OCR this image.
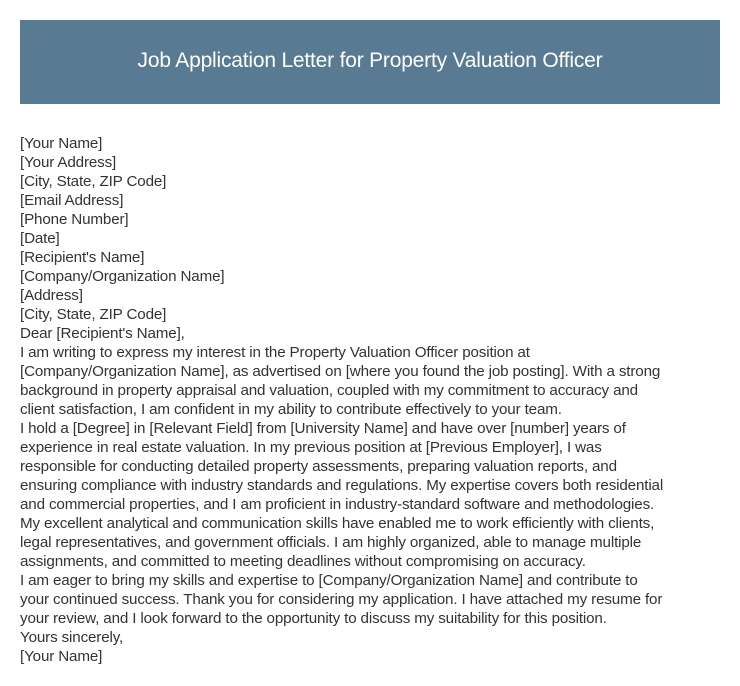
Job Application Letter for Property Valuation Officer
[Your Name]
[Your Address]
[City, State, ZIP Code]
[Email Address]
[Phone Number]
[Date]
[Recipient's Name]
[Company/Organization Name]
[Address]
[City, State, ZIP Code]
Dear [Recipient's Name],
I am writing to express my interest in the Property Valuation Officer position at
[Company/Organization Name], as advertised on [where you found the job posting]. With a strong
background in property appraisal and valuation, coupled with my commitment to accuracy and
client satisfaction, I am confident in my ability to contribute effectively to your team.
I hold a [Degree] in [Relevant Field] from [University Name] and have over [number] years of
experience in real estate valuation. In my previous position at [Previous Employer], I was
responsible for conducting detailed property assessments, preparing valuation reports, and
ensuring compliance with industry standards and regulations. My expertise covers both residential
and commercial properties, and I am proficient in industry-standard software and methodologies.
My excellent analytical and communication skills have enabled me to work efficiently with clients,
legal representatives, and government officials. I am highly organized, able to manage multiple
assignments, and committed to meeting deadlines without compromising on accuracy.
I am eager to bring my skills and expertise to [Company/Organization Name] and contribute to
your continued success. Thank you for considering my application. I have attached my resume for
your review, and I look forward to the opportunity to discuss my suitability for this position.
Yours sincerely,
[Your Name]
